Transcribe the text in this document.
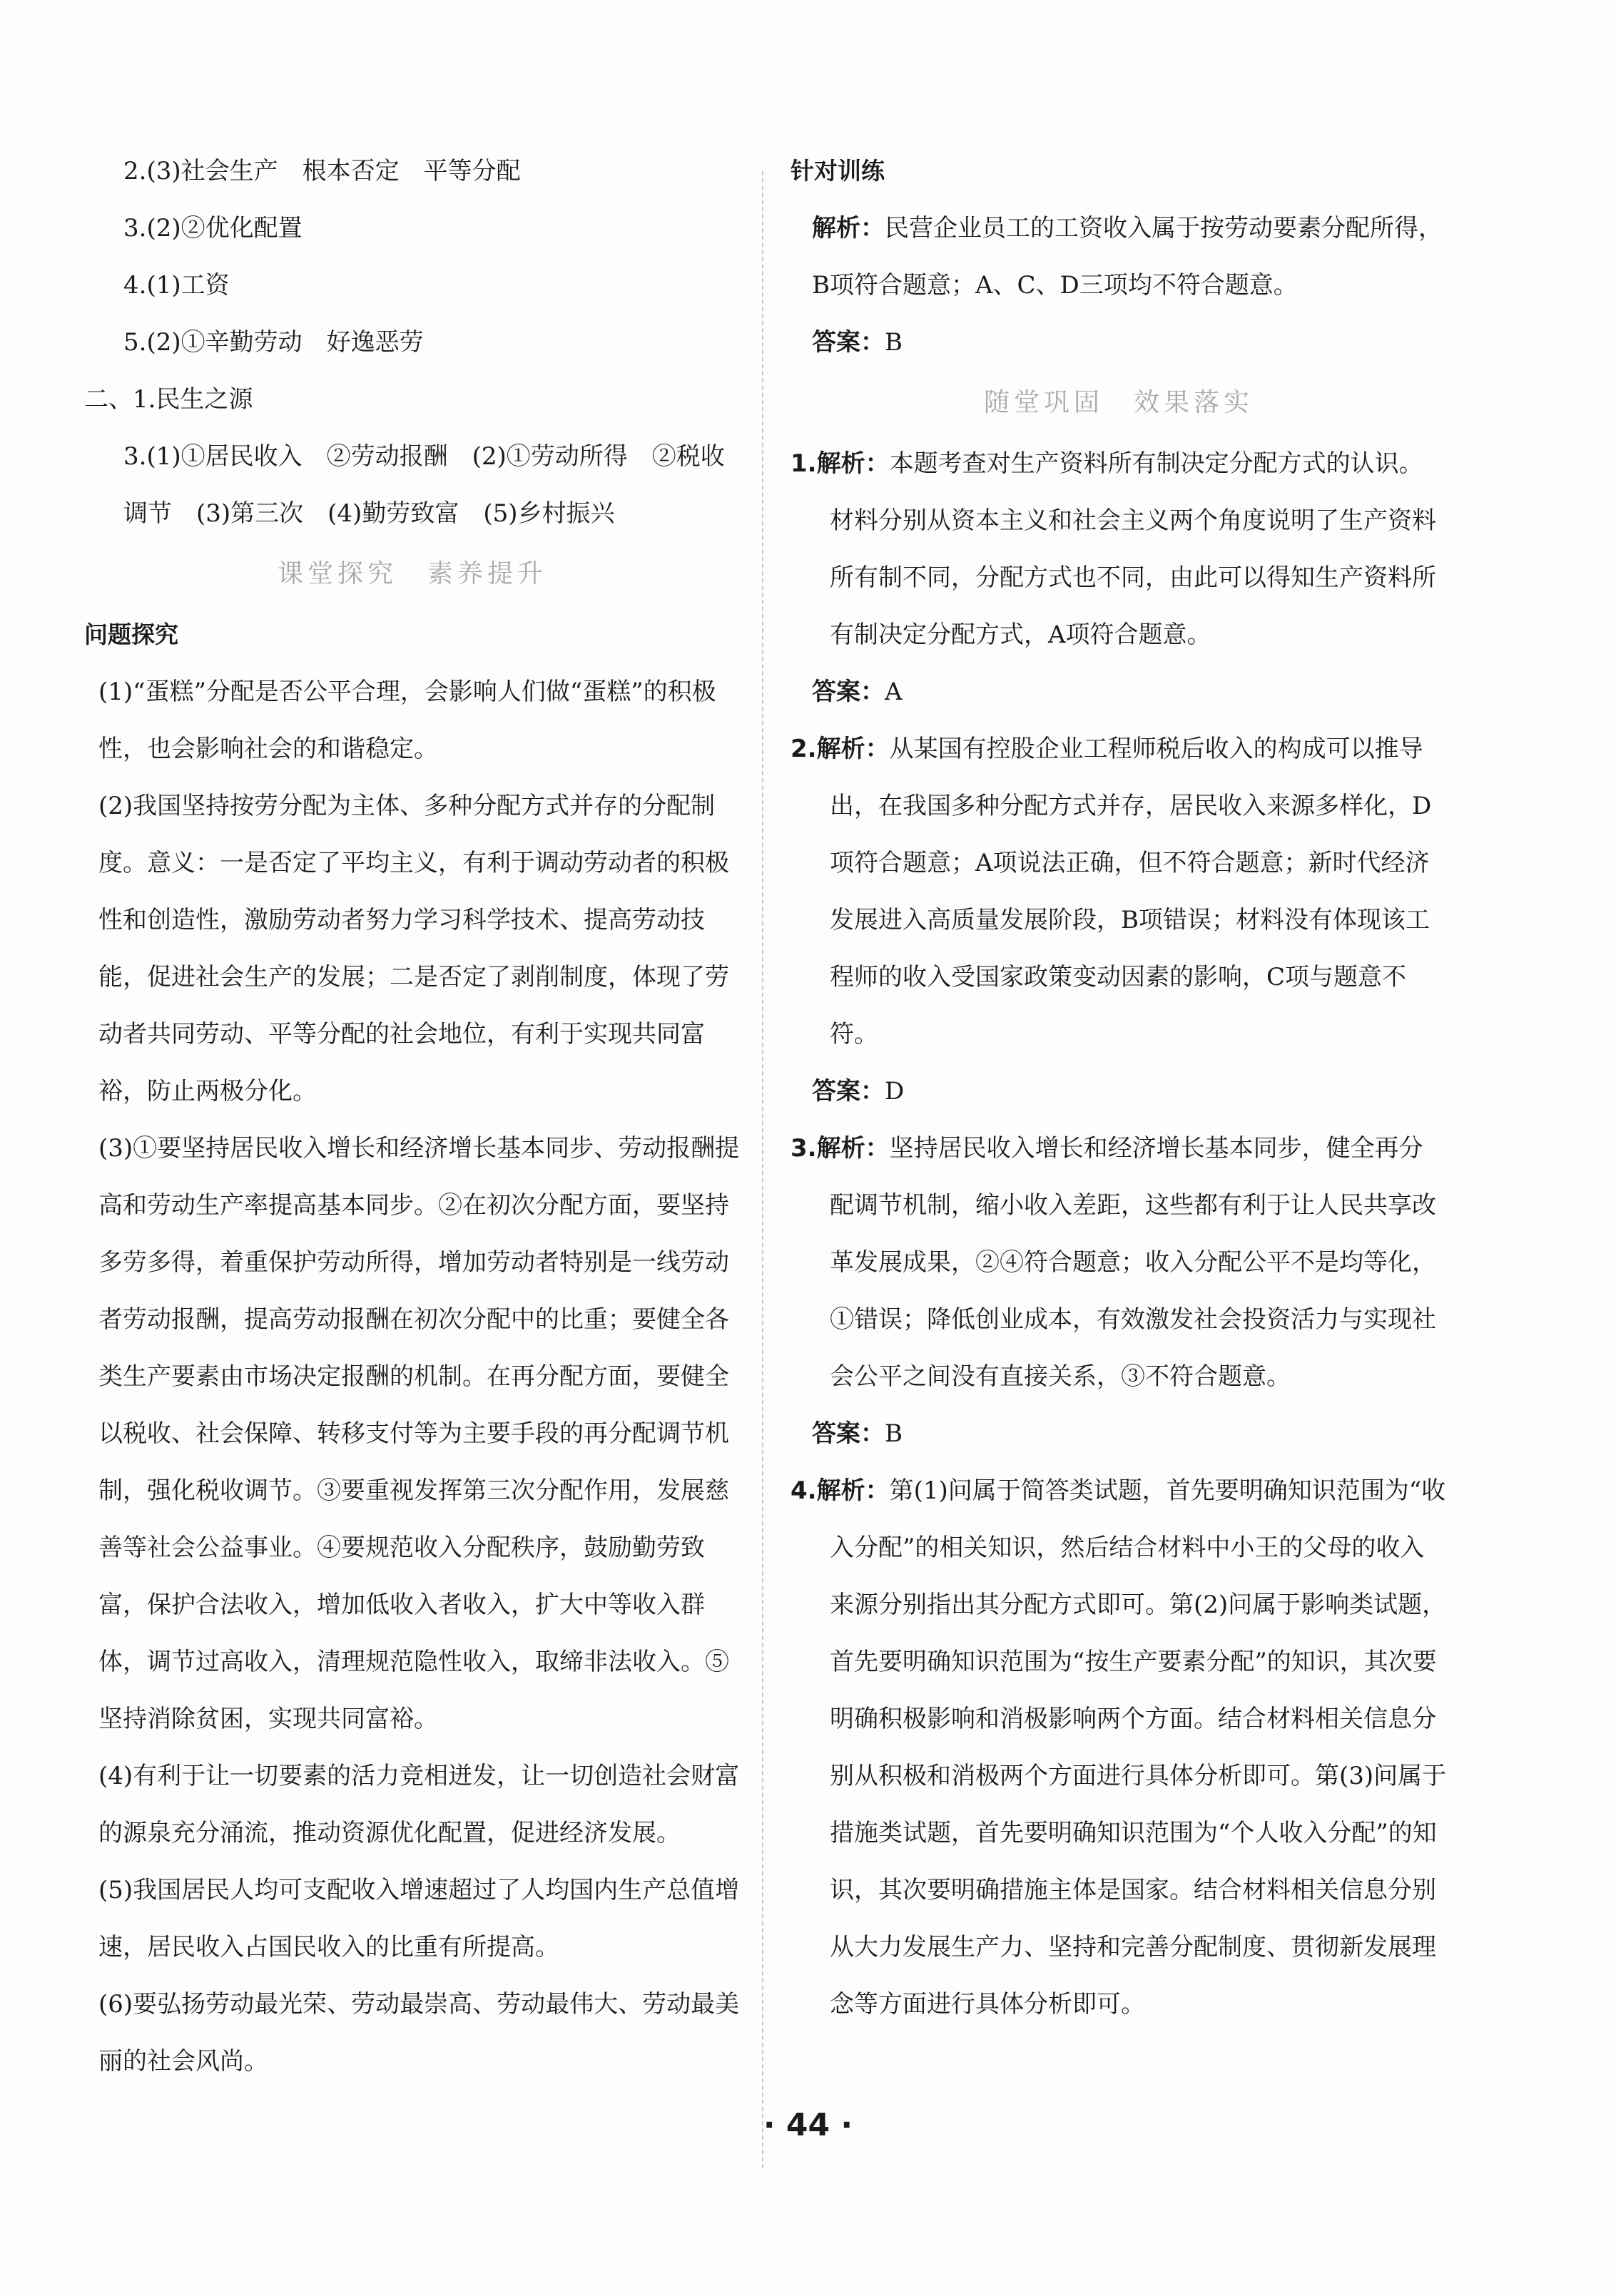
2.(3)社会生产　根本否定　平等分配

3.(2)②优化配置

4.(1)工资

5.(2)①辛勤劳动　好逸恶劳

二、1.民生之源

3.(1)①居民收入　②劳动报酬　(2)①劳动所得　②税收调节　(3)第三次　(4)勤劳致富　(5)乡村振兴

课堂探究　素养提升
问题探究

(1)“蛋糕”分配是否公平合理，会影响人们做“蛋糕”的积极性，也会影响社会的和谐稳定。

(2)我国坚持按劳分配为主体、多种分配方式并存的分配制度。意义：一是否定了平均主义，有利于调动劳动者的积极性和创造性，激励劳动者努力学习科学技术、提高劳动技能，促进社会生产的发展；二是否定了剥削制度，体现了劳动者共同劳动、平等分配的社会地位，有利于实现共同富裕，防止两极分化。

(3)①要坚持居民收入增长和经济增长基本同步、劳动报酬提高和劳动生产率提高基本同步。②在初次分配方面，要坚持多劳多得，着重保护劳动所得，增加劳动者特别是一线劳动者劳动报酬，提高劳动报酬在初次分配中的比重；要健全各类生产要素由市场决定报酬的机制。在再分配方面，要健全以税收、社会保障、转移支付等为主要手段的再分配调节机制，强化税收调节。③要重视发挥第三次分配作用，发展慈善等社会公益事业。④要规范收入分配秩序，鼓励勤劳致富，保护合法收入，增加低收入者收入，扩大中等收入群体，调节过高收入，清理规范隐性收入，取缔非法收入。⑤坚持消除贫困，实现共同富裕。

(4)有利于让一切要素的活力竞相迸发，让一切创造社会财富的源泉充分涌流，推动资源优化配置，促进经济发展。

(5)我国居民人均可支配收入增速超过了人均国内生产总值增速，居民收入占国民收入的比重有所提高。

(6)要弘扬劳动最光荣、劳动最崇高、劳动最伟大、劳动最美丽的社会风尚。

针对训练

解析：民营企业员工的工资收入属于按劳动要素分配所得，B项符合题意；A、C、D三项均不符合题意。

答案：B

随堂巩固　效果落实

1.解析：本题考查对生产资料所有制决定分配方式的认识。材料分别从资本主义和社会主义两个角度说明了生产资料所有制不同，分配方式也不同，由此可以得知生产资料所有制决定分配方式，A项符合题意。

答案：A

2.解析：从某国有控股企业工程师税后收入的构成可以推导出，在我国多种分配方式并存，居民收入来源多样化，D项符合题意；A项说法正确，但不符合题意；新时代经济发展进入高质量发展阶段，B项错误；材料没有体现该工程师的收入受国家政策变动因素的影响，C项与题意不符。

答案：D

3.解析：坚持居民收入增长和经济增长基本同步，健全再分配调节机制，缩小收入差距，这些都有利于让人民共享改革发展成果，②④符合题意；收入分配公平不是均等化，①错误；降低创业成本，有效激发社会投资活力与实现社会公平之间没有直接关系，③不符合题意。

答案：B

4.解析：第(1)问属于简答类试题，首先要明确知识范围为“收入分配”的相关知识，然后结合材料中小王的父母的收入来源分别指出其分配方式即可。第(2)问属于影响类试题，首先要明确知识范围为“按生产要素分配”的知识，其次要明确积极影响和消极影响两个方面。结合材料相关信息分别从积极和消极两个方面进行具体分析即可。第(3)问属于措施类试题，首先要明确知识范围为“个人收入分配”的知识，其次要明确措施主体是国家。结合材料相关信息分别从大力发展生产力、坚持和完善分配制度、贯彻新发展理念等方面进行具体分析即可。

· 44 ·
